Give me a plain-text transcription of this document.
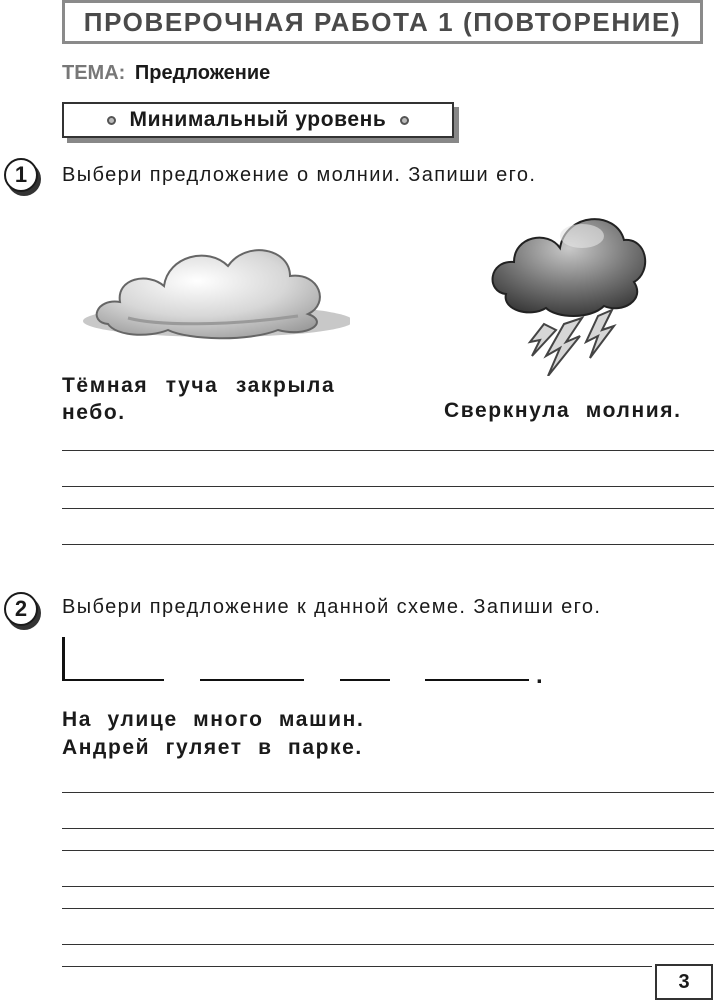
ПРОВЕРОЧНАЯ РАБОТА 1 (ПОВТОРЕНИЕ)
ТЕМА: Предложение
Минимальный уровень
1	Выбери предложение о молнии. Запиши его.
Тёмная туча закрыла
небо.	Сверкнула молния.
2	Выбери предложение к данной схеме. Запиши его.
.
На улице много машин.
Андрей гуляет в парке.
3
